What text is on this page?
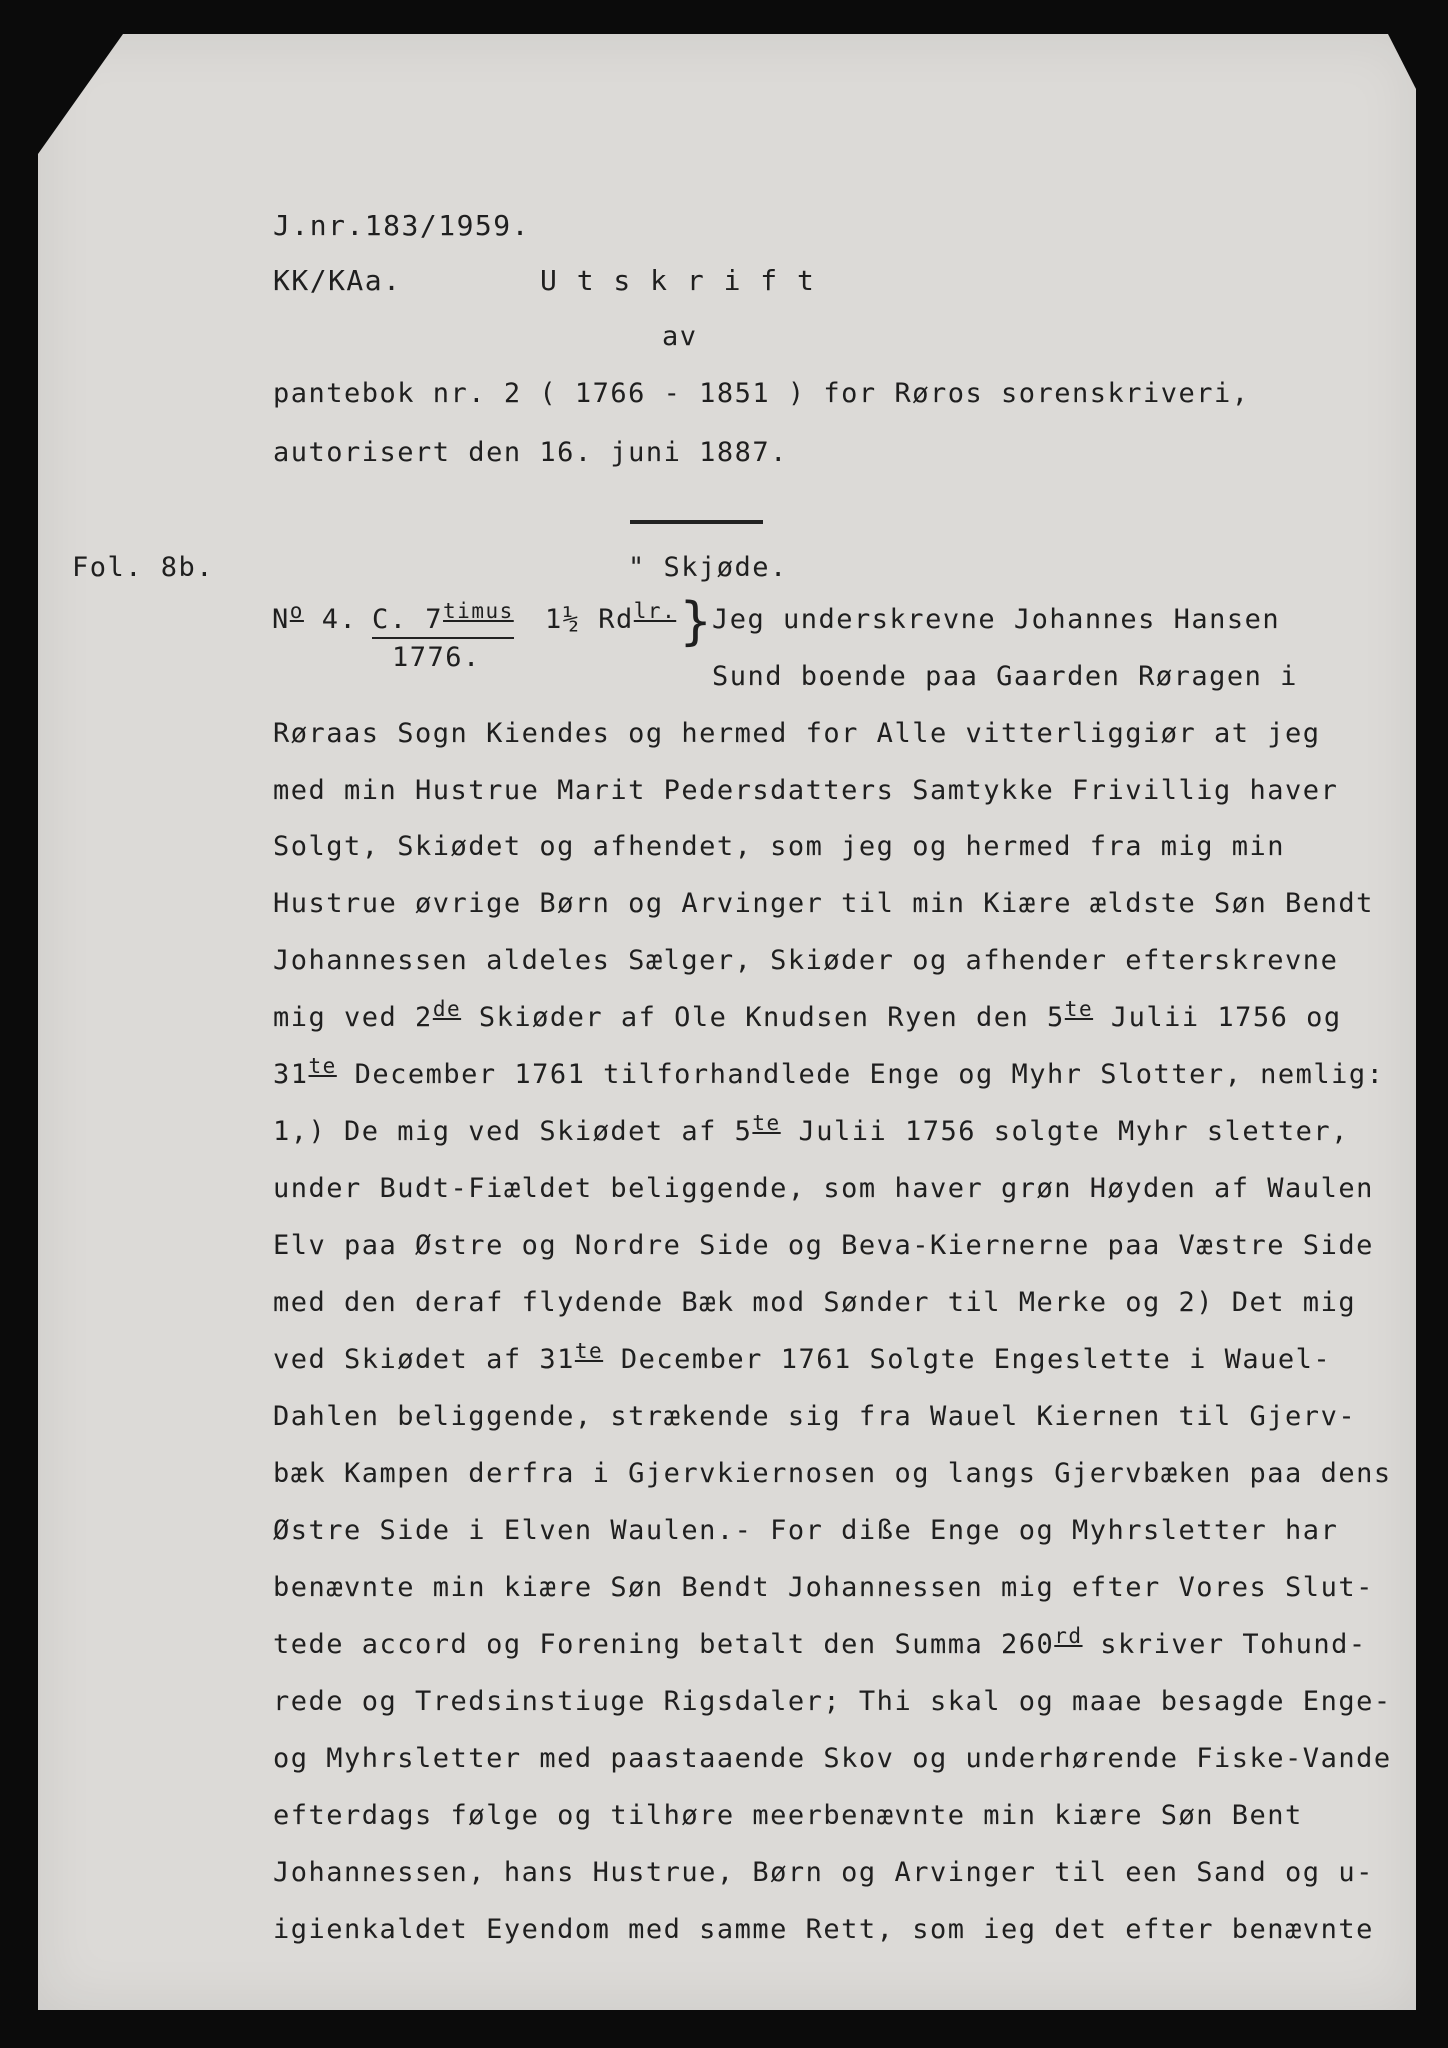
J.nr.183/1959.
KK/KAa.	U t s k r i f t
av
pantebok nr. 2 ( 1766 - 1851 ) for Røros sorenskriveri,
autorisert den 16. juni 1887.
Fol. 8b.	" Skjøde.
$N^o$ 4. C. $7^{timus}$
1776.
1½ $Rd^{lr.}$ } Jeg underskrevne Johannes Hansen
Sund boende paa Gaarden Røragen i
Røraas Sogn Kiendes og hermed for Alle vitterliggiør at jeg
med min Hustrue Marit Pedersdatters Samtykke Frivillig haver
Solgt, Skiødet og afhendet, som jeg og hermed fra mig min
Hustrue øvrige Børn og Arvinger til min Kiære ældste Søn Bendt
Johannessen aldeles Sælger, Skiøder og afhender efterskrevne
mig ved 2de Skiøder af Ole Knudsen Ryen den $5^{te}$ Julii 1756 og
$31^{te}$ December 1761 tilforhandlede Enge og Myhr Slotter, nemlig:
1,) De mig ved Skiødet af $5^{te}$ Julii 1756 solgte Myhr sletter,
under Budt-Fiældet beliggende, som haver grøn Høyden af Waulen
Elv paa Østre og Nordre Side og Beva-Kiernerne paa Væstre Side
med den deraf flydende Bæk mod Sønder til Merke og 2) Det mig
ved Skiødet af $31^{te}$ December 1761 Solgte Engeslette i Wauel-
Dahlen beliggende, strækende sig fra Wauel Kiernen til Gjerv-
bæk Kampen derfra i Gjervkiernosen og langs Gjervbæken paa dens
Østre Side i Elven Waulen.- For diße Enge og Myhrsletter har
benævnte min kiære Søn Bendt Johannessen mig efter Vores Slut-
tede accord og Forening betalt den Summa 260rd skriver Tohund-
rede og Tredsinstiuge Rigsdaler; Thi skal og maae besagde Enge-
og Myhrsletter med paastaaende Skov og underhørende Fiske-Vande
efterdags følge og tilhøre meerbenævnte min kiære Søn Bent
Johannessen, hans Hustrue, Børn og Arvinger til een Sand og u-
igienkaldet Eyendom med samme Rett, som ieg det efter benævnte
